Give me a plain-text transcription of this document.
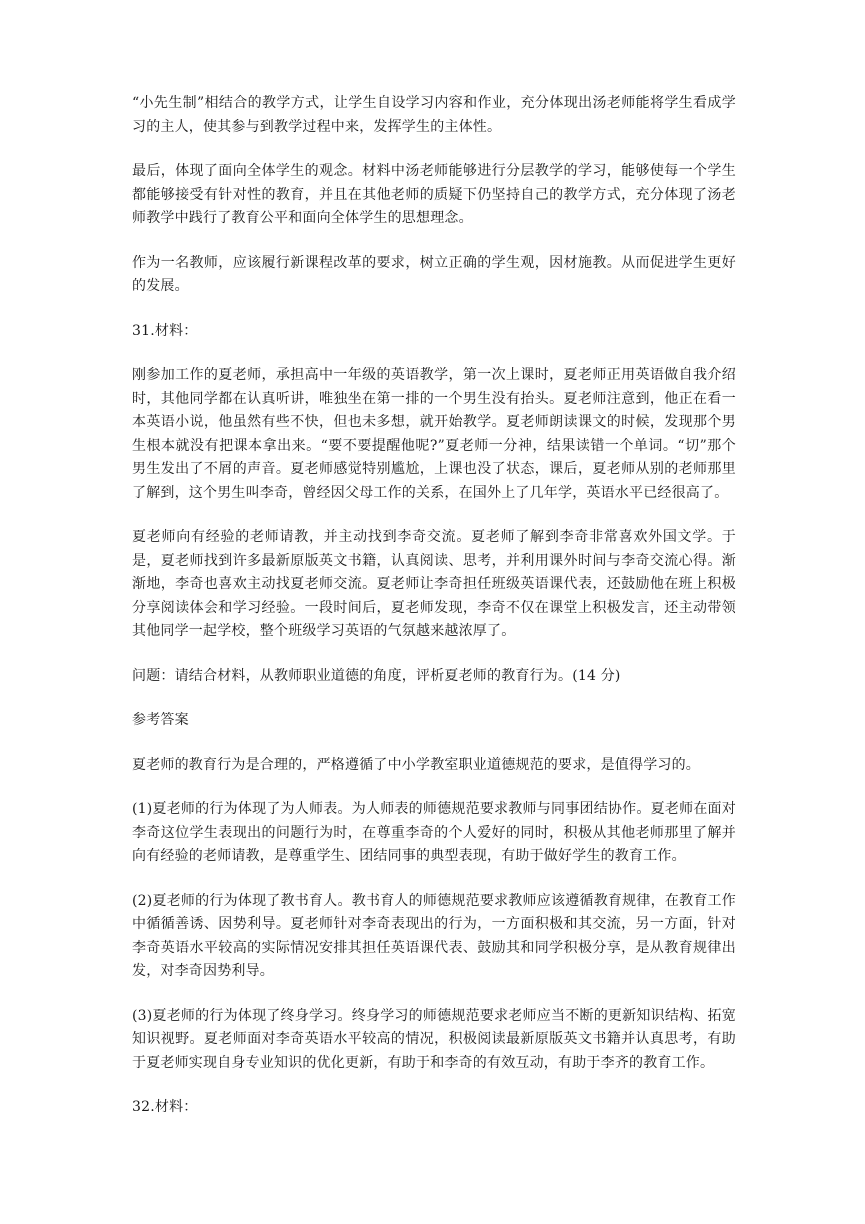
“小先生制”相结合的教学方式，让学生自设学习内容和作业，充分体现出汤老师能将学生看成学习的主人，使其参与到教学过程中来，发挥学生的主体性。

最后，体现了面向全体学生的观念。材料中汤老师能够进行分层教学的学习，能够使每一个学生都能够接受有针对性的教育，并且在其他老师的质疑下仍坚持自己的教学方式，充分体现了汤老师教学中践行了教育公平和面向全体学生的思想理念。

作为一名教师，应该履行新课程改革的要求，树立正确的学生观，因材施教。从而促进学生更好的发展。

31.材料：

刚参加工作的夏老师，承担高中一年级的英语教学，第一次上课时，夏老师正用英语做自我介绍时，其他同学都在认真听讲，唯独坐在第一排的一个男生没有抬头。夏老师注意到，他正在看一本英语小说，他虽然有些不快，但也未多想，就开始教学。夏老师朗读课文的时候，发现那个男生根本就没有把课本拿出来。“要不要提醒他呢?”夏老师一分神，结果读错一个单词。“切”那个男生发出了不屑的声音。夏老师感觉特别尴尬，上课也没了状态，课后，夏老师从别的老师那里了解到，这个男生叫李奇，曾经因父母工作的关系，在国外上了几年学，英语水平已经很高了。

夏老师向有经验的老师请教，并主动找到李奇交流。夏老师了解到李奇非常喜欢外国文学。于是，夏老师找到许多最新原版英文书籍，认真阅读、思考，并利用课外时间与李奇交流心得。渐渐地，李奇也喜欢主动找夏老师交流。夏老师让李奇担任班级英语课代表，还鼓励他在班上积极分享阅读体会和学习经验。一段时间后，夏老师发现，李奇不仅在课堂上积极发言，还主动带领其他同学一起学校，整个班级学习英语的气氛越来越浓厚了。

问题：请结合材料，从教师职业道德的角度，评析夏老师的教育行为。(14 分)

参考答案

夏老师的教育行为是合理的，严格遵循了中小学教室职业道德规范的要求，是值得学习的。

(1)夏老师的行为体现了为人师表。为人师表的师德规范要求教师与同事团结协作。夏老师在面对李奇这位学生表现出的问题行为时，在尊重李奇的个人爱好的同时，积极从其他老师那里了解并向有经验的老师请教，是尊重学生、团结同事的典型表现，有助于做好学生的教育工作。

(2)夏老师的行为体现了教书育人。教书育人的师德规范要求教师应该遵循教育规律，在教育工作中循循善诱、因势利导。夏老师针对李奇表现出的行为，一方面积极和其交流，另一方面，针对李奇英语水平较高的实际情况安排其担任英语课代表、鼓励其和同学积极分享，是从教育规律出发，对李奇因势利导。

(3)夏老师的行为体现了终身学习。终身学习的师德规范要求老师应当不断的更新知识结构、拓宽知识视野。夏老师面对李奇英语水平较高的情况，积极阅读最新原版英文书籍并认真思考，有助于夏老师实现自身专业知识的优化更新，有助于和李奇的有效互动，有助于李齐的教育工作。

32.材料：
